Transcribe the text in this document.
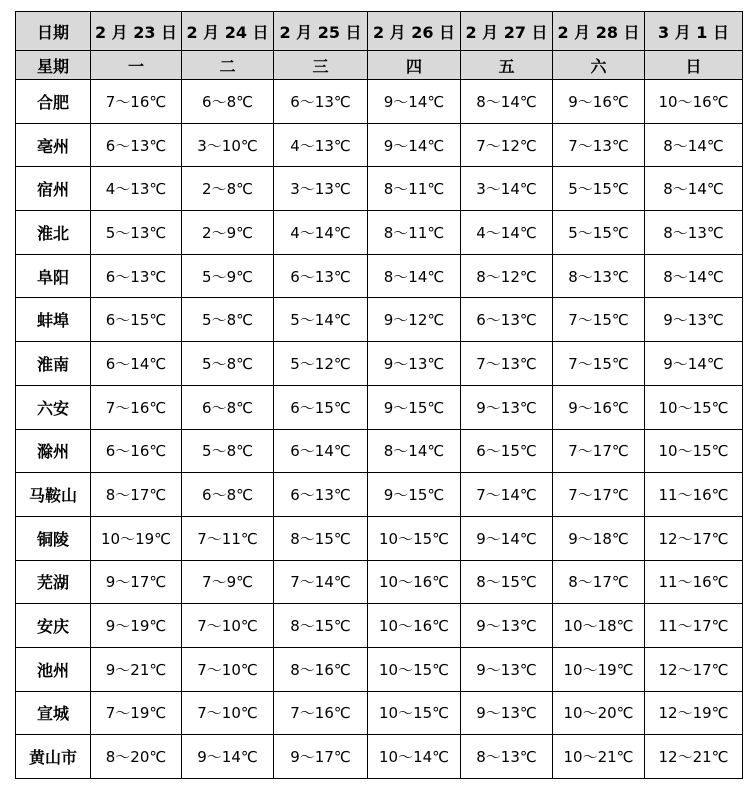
日期	2 月 23 日	2 月 24 日	2 月 25 日	2 月 26 日	2 月 27 日	2 月 28 日	3 月 1 日
星期	一	二	三	四	五	六	日
合肥	7～16℃	6～8℃	6～13℃	9～14℃	8～14℃	9～16℃	10～16℃
亳州	6～13℃	3～10℃	4～13℃	9～14℃	7～12℃	7～13℃	8～14℃
宿州	4～13℃	2～8℃	3～13℃	8～11℃	3～14℃	5～15℃	8～14℃
淮北	5～13℃	2～9℃	4～14℃	8～11℃	4～14℃	5～15℃	8～13℃
阜阳	6～13℃	5～9℃	6～13℃	8～14℃	8～12℃	8～13℃	8～14℃
蚌埠	6～15℃	5～8℃	5～14℃	9～12℃	6～13℃	7～15℃	9～13℃
淮南	6～14℃	5～8℃	5～12℃	9～13℃	7～13℃	7～15℃	9～14℃
六安	7～16℃	6～8℃	6～15℃	9～15℃	9～13℃	9～16℃	10～15℃
滁州	6～16℃	5～8℃	6～14℃	8～14℃	6～15℃	7～17℃	10～15℃
马鞍山	8～17℃	6～8℃	6～13℃	9～15℃	7～14℃	7～17℃	11～16℃
铜陵	10～19℃	7～11℃	8～15℃	10～15℃	9～14℃	9～18℃	12～17℃
芜湖	9～17℃	7～9℃	7～14℃	10～16℃	8～15℃	8～17℃	11～16℃
安庆	9～19℃	7～10℃	8～15℃	10～16℃	9～13℃	10～18℃	11～17℃
池州	9～21℃	7～10℃	8～16℃	10～15℃	9～13℃	10～19℃	12～17℃
宣城	7～19℃	7～10℃	7～16℃	10～15℃	9～13℃	10～20℃	12～19℃
黄山市	8～20℃	9～14℃	9～17℃	10～14℃	8～13℃	10～21℃	12～21℃
